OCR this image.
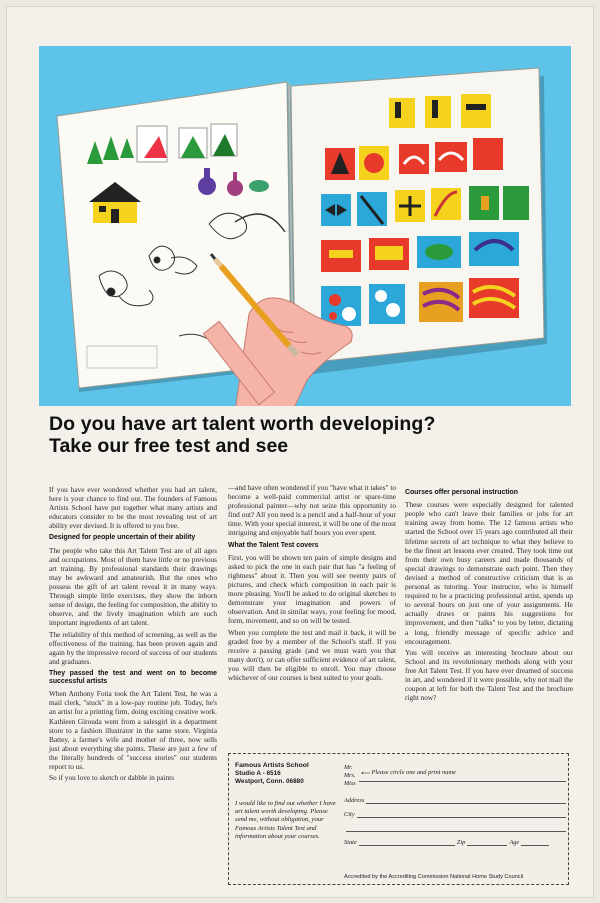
Do you have art talent worth developing?
Take our free test and see

If you have ever wondered whether you had art talent, here is your chance to find out. The founders of Famous Artists School have put together what many artists and educators consider to be the most revealing test of art ability ever devised. It is offered to you free.

Designed for people uncertain of their ability

The people who take this Art Talent Test are of all ages and occupations. Most of them have little or no previous art training. By professional standards their drawings may be awkward and amateurish. But the ones who possess the gift of art talent reveal it in many ways. Through simple little exercises, they show the inborn sense of design, the feeling for composition, the ability to observe, and the lively imagination which are such important ingredients of art talent.

The reliability of this method of screening, as well as the effectiveness of the training, has been proven again and again by the impressive record of success of our students and graduates.

They passed the test and went on to become successful artists

When Anthony Fotia took the Art Talent Test, he was a mail clerk, "stuck" in a low-pay routine job. Today, he's an artist for a printing firm, doing exciting creative work. Kathleen Girouda went from a salesgirl in a department store to a fashion illustrator in the same store. Virginia Battey, a farmer's wife and mother of three, now sells just about everything she paints. These are just a few of the literally hundreds of "success stories" our students report to us.

So if you love to sketch or dabble in paints

—and have often wondered if you "have what it takes" to become a well-paid commercial artist or spare-time professional painter—why not seize this opportunity to find out? All you need is a pencil and a half-hour of your time. With your special interest, it will be one of the most intriguing and enjoyable half hours you ever spent.

What the Talent Test covers

First, you will be shown ten pairs of simple designs and asked to pick the one in each pair that has "a feeling of rightness" about it. Then you will see twenty pairs of pictures, and check which composition in each pair is more pleasing. You'll be asked to do original sketches to demonstrate your imagination and powers of observation. And in similar ways, your feeling for mood, form, movement, and so on will be tested.

When you complete the test and mail it back, it will be graded free by a member of the School's staff. If you receive a passing grade (and we must warn you that many don't), or can offer sufficient evidence of art talent, you will then be eligible to enroll. You may choose whichever of our courses is best suited to your goals.

Courses offer personal instruction

These courses were especially designed for talented people who can't leave their families or jobs for art training away from home. The 12 famous artists who started the School over 15 years ago contributed all their lifetime secrets of art technique to what they believe to be the finest art lessons ever created. They took time out from their own busy careers and made thousands of special drawings to demonstrate each point. Then they devised a method of constructive criticism that is as personal as tutoring. Your instructor, who is himself required to be a practicing professional artist, spends up to several hours on just one of your assignments. He actually draws or paints his suggestions for improvement, and then "talks" to you by letter, dictating a long, friendly message of specific advice and encouragement.

You will receive an interesting brochure about our School and its revolutionary methods along with your free Art Talent Test. If you have ever dreamed of success in art, and wondered if it were possible, why not mail the coupon at left for both the Talent Test and the brochure right now?

Famous Artists School
Studio A - 6516
Westport, Conn. 06880
I would like to find out whether I have art talent worth developing. Please send me, without obligation, your Famous Artists Talent Test and information about your courses.
Mr.
Mrs.
Miss
⟵ Please circle one and print name
Address
City
State	Zip	Age
Accredited by the Accrediting Commission National Home Study Council
